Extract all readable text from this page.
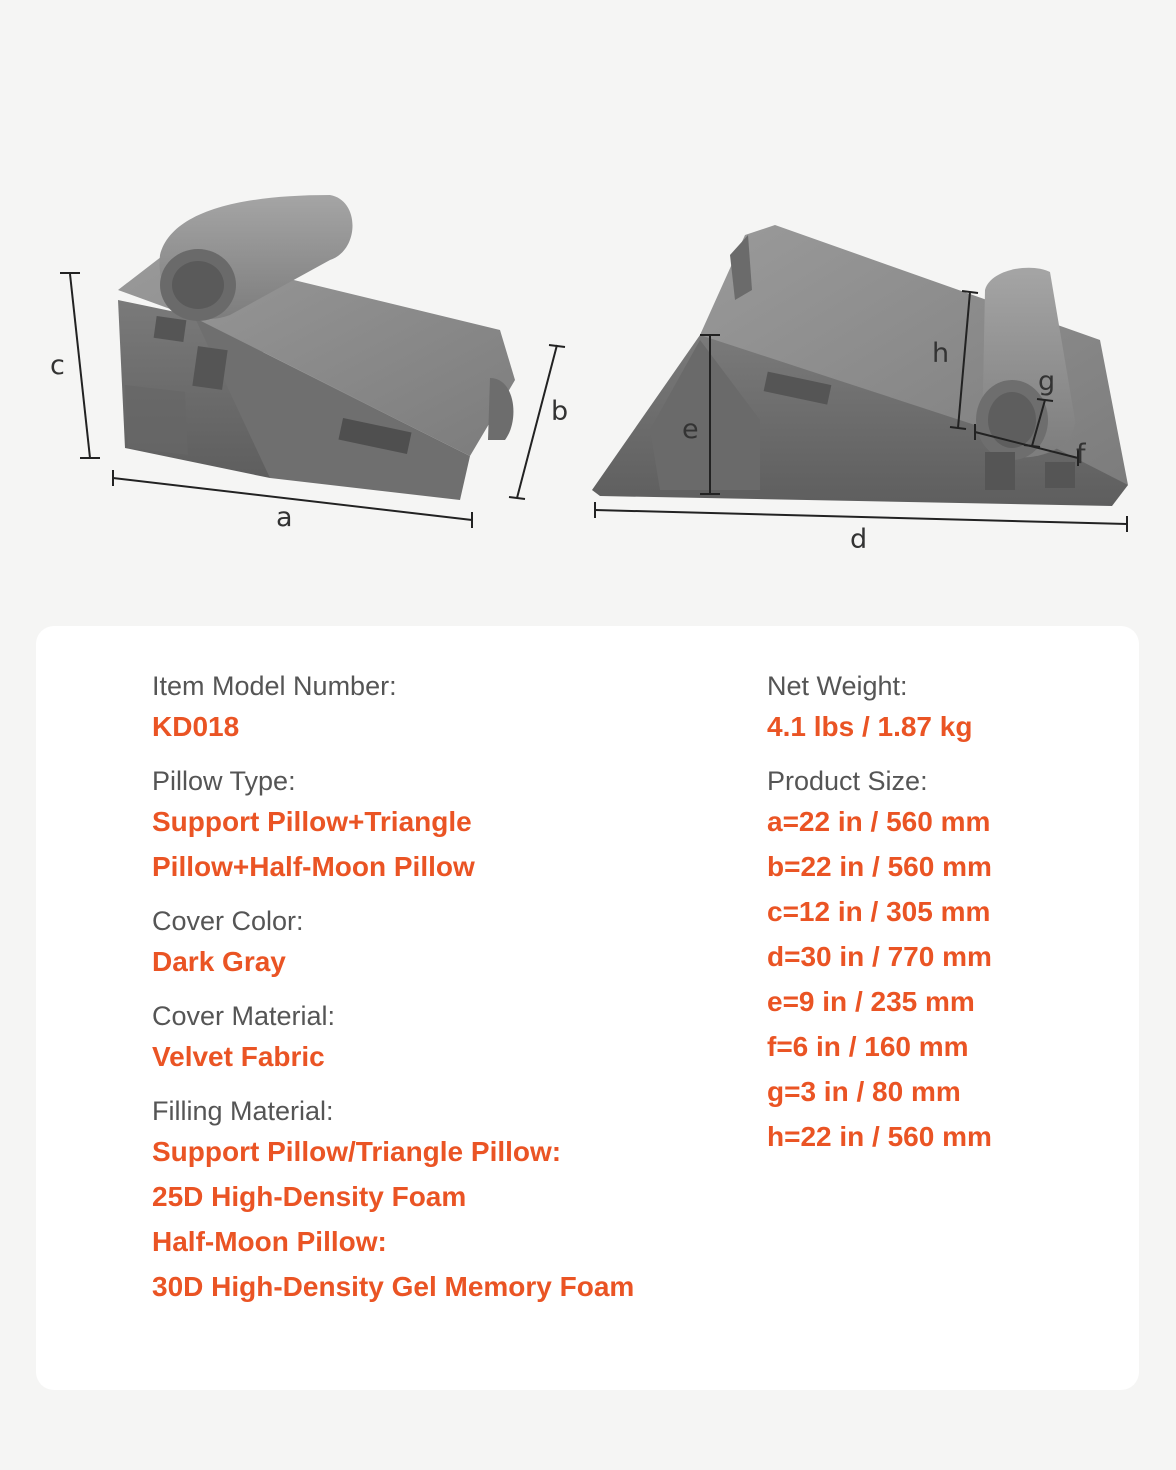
c
a
b
e
d
h
g
f
Item Model Number:
KD018
Pillow Type:
Support Pillow+Triangle
Pillow+Half-Moon Pillow
Cover Color:
Dark Gray
Cover Material:
Velvet Fabric
Filling Material:
Support Pillow/Triangle Pillow:
25D High-Density Foam
Half-Moon Pillow:
30D High-Density Gel Memory Foam
Net Weight:
4.1 lbs / 1.87 kg
Product Size:
a=22 in / 560 mm
b=22 in / 560 mm
c=12 in / 305 mm
d=30 in / 770 mm
e=9 in / 235 mm
f=6 in / 160 mm
g=3 in / 80 mm
h=22 in / 560 mm
